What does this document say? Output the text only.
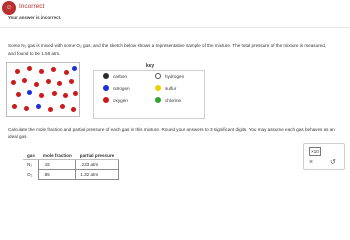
☺ Incorrect
Your answer is incorrect.
Some N₂ gas is mixed with some O₂ gas, and the sketch below shows a representative sample of the mixture. The total pressure of the mixture is measured,
and found to be 1.55 atm.
key
carbon	hydrogen
nitrogen	sulfur
oxygen	chlorine
Calculate the mole fraction and partial pressure of each gas in this mixture. Round your answers to 3 significant digits. You may assume each gas behaves as an
ideal gas.
gas	mole fraction	partial pressure
N₂	.15	.233 atm
O₂	.85	1.32 atm
×10
× ↺
